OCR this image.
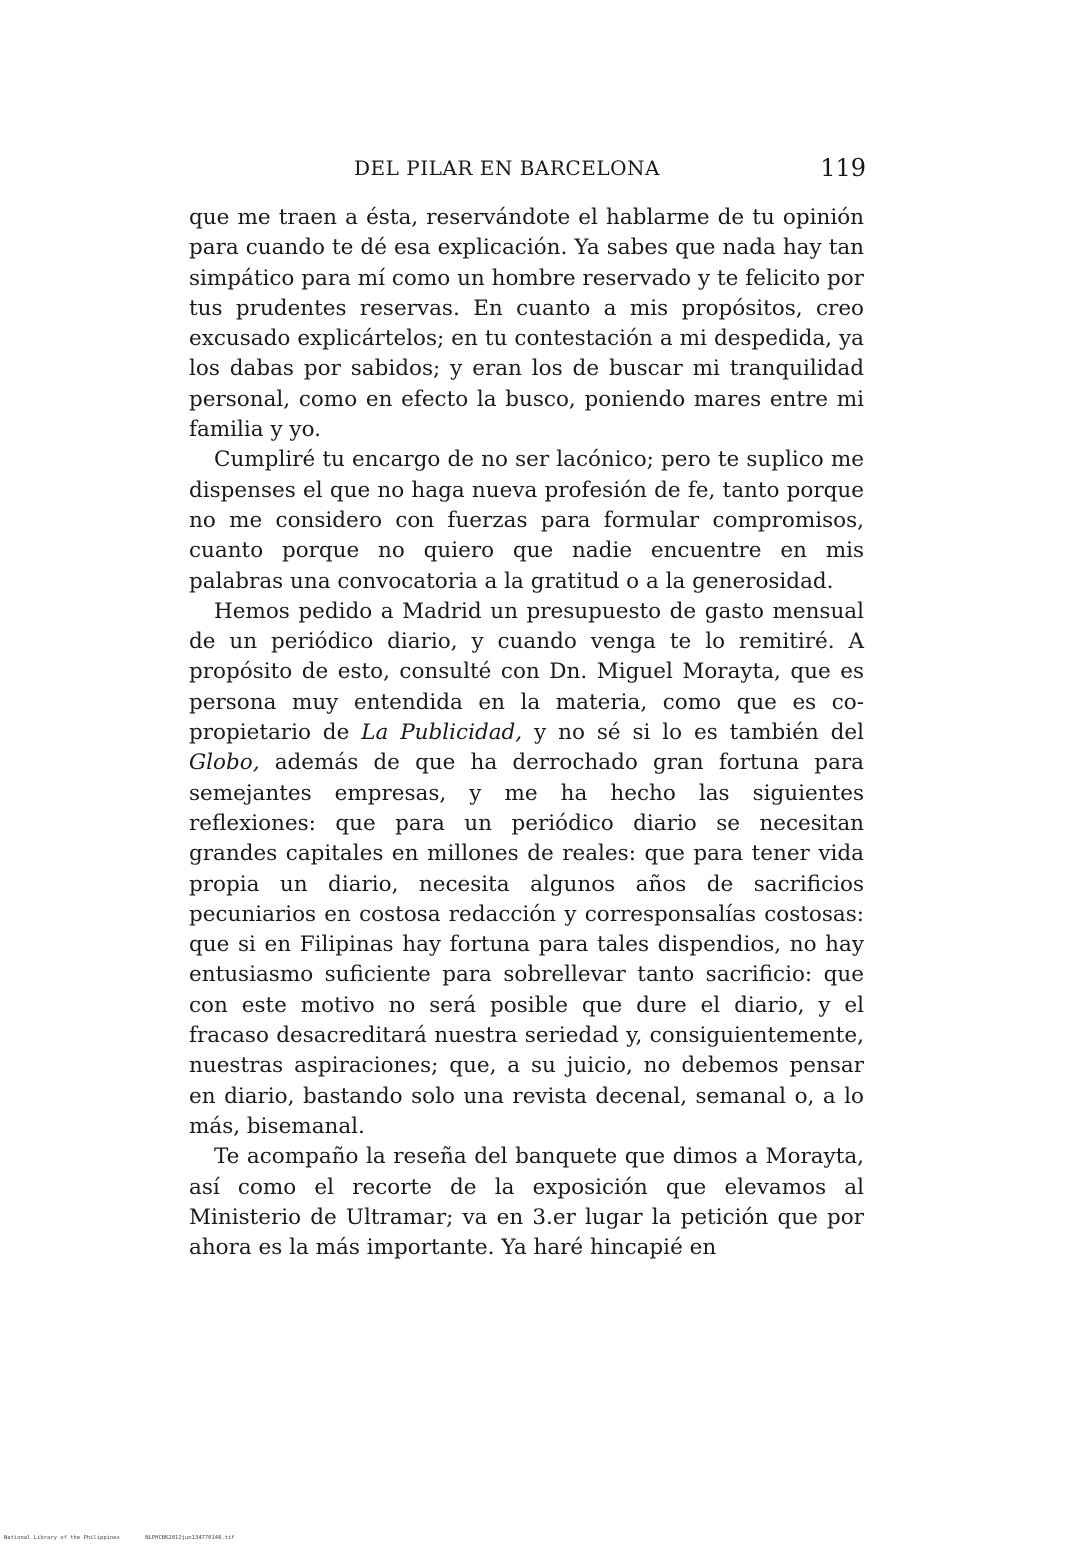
DEL PILAR EN BARCELONA	119

que me traen a ésta, reservándote el hablarme de tu opinión para cuando te dé esa explicación. Ya sabes que nada hay tan simpático para mí como un hombre reservado y te felicito por tus prudentes reservas. En cuanto a mis propósitos, creo excusado explicártelos; en tu contestación a mi despedida, ya los dabas por sabidos; y eran los de buscar mi tranquilidad personal, como en efecto la busco, poniendo mares entre mi familia y yo.

Cumpliré tu encargo de no ser lacónico; pero te suplico me dispenses el que no haga nueva profesión de fe, tanto porque no me considero con fuerzas para formular compromisos, cuanto porque no quiero que nadie encuentre en mis palabras una convocatoria a la gratitud o a la generosidad.

Hemos pedido a Madrid un presupuesto de gasto mensual de un periódico diario, y cuando venga te lo remitiré. A propósito de esto, consulté con Dn. Miguel Morayta, que es persona muy entendida en la materia, como que es co-propietario de La Publicidad, y no sé si lo es también del Globo, además de que ha derrochado gran fortuna para semejantes empresas, y me ha hecho las siguientes reflexiones: que para un periódico diario se necesitan grandes capitales en millones de reales: que para tener vida propia un diario, necesita algunos años de sacrificios pecuniarios en costosa redacción y corresponsalías costosas: que si en Filipinas hay fortuna para tales dispendios, no hay entusiasmo suficiente para sobrellevar tanto sacrificio: que con este motivo no será posible que dure el diario, y el fracaso desacreditará nuestra seriedad y, consiguientemente, nuestras aspiraciones; que, a su juicio, no debemos pensar en diario, bastando solo una revista decenal, semanal o, a lo más, bisemanal.

Te acompaño la reseña del banquete que dimos a Morayta, así como el recorte de la exposición que elevamos al Ministerio de Ultramar; va en 3.er lugar la petición que por ahora es la más importante. Ya haré hincapié en

National Library of the Philippines	NLPHCBK2012jun134770148.tif
